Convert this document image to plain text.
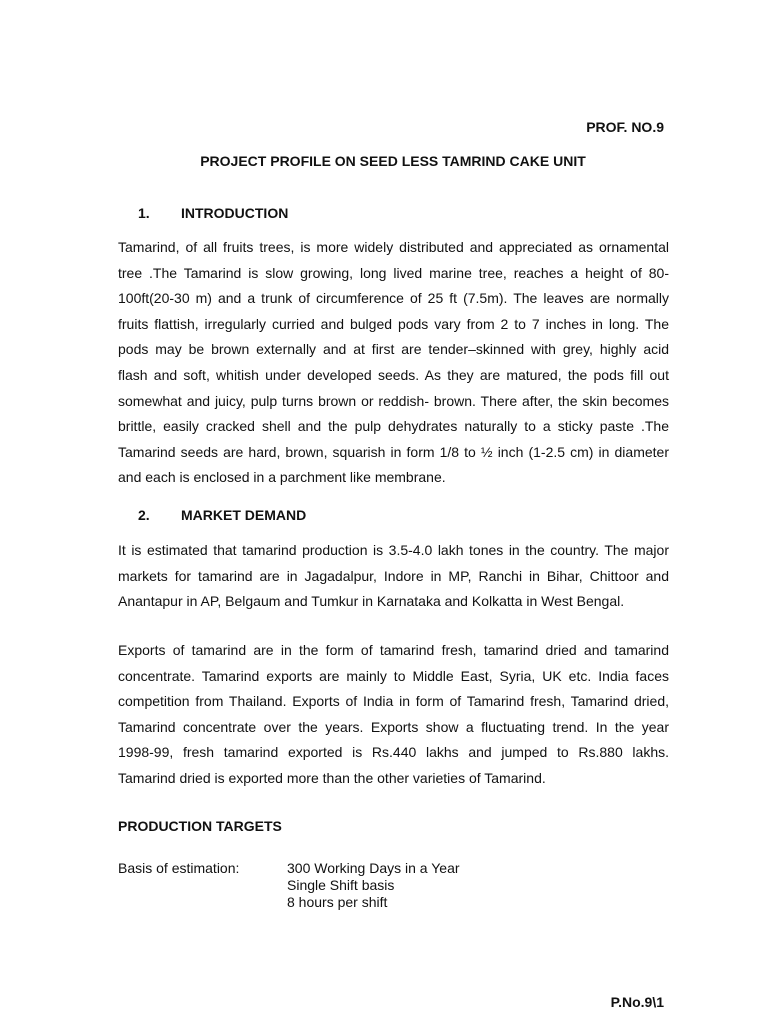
PROF. NO.9
PROJECT PROFILE ON SEED LESS TAMRIND CAKE UNIT
1. INTRODUCTION
Tamarind, of all fruits trees, is more widely distributed and appreciated as ornamental
tree .The Tamarind is slow growing, long lived marine tree, reaches a height of 80-
100ft(20-30 m) and a trunk of circumference of 25 ft (7.5m). The leaves are normally
fruits flattish, irregularly curried and bulged pods vary from 2 to 7 inches in long. The
pods may be brown externally and at first are tender–skinned with grey, highly acid
flash and soft, whitish under developed seeds. As they are matured, the pods fill out
somewhat and juicy, pulp turns brown or reddish- brown. There after, the skin becomes
brittle, easily cracked shell and the pulp dehydrates naturally to a sticky paste .The
Tamarind seeds are hard, brown, squarish in form 1/8 to ½ inch (1-2.5 cm) in diameter
and each is enclosed in a parchment like membrane.
2. MARKET DEMAND
It is estimated that tamarind production is 3.5-4.0 lakh tones in the country. The major
markets for tamarind are in Jagadalpur, Indore in MP, Ranchi in Bihar, Chittoor and
Anantapur in AP, Belgaum and Tumkur in Karnataka and Kolkatta in West Bengal.
Exports of tamarind are in the form of tamarind fresh, tamarind dried and tamarind
concentrate. Tamarind exports are mainly to Middle East, Syria, UK etc. India faces
competition from Thailand. Exports of India in form of Tamarind fresh, Tamarind dried,
Tamarind concentrate over the years. Exports show a fluctuating trend. In the year
1998-99, fresh tamarind exported is Rs.440 lakhs and jumped to Rs.880 lakhs.
Tamarind dried is exported more than the other varieties of Tamarind.
PRODUCTION TARGETS
Basis of estimation:	300 Working Days in a Year
Single Shift basis
8 hours per shift
P.No.9\1
